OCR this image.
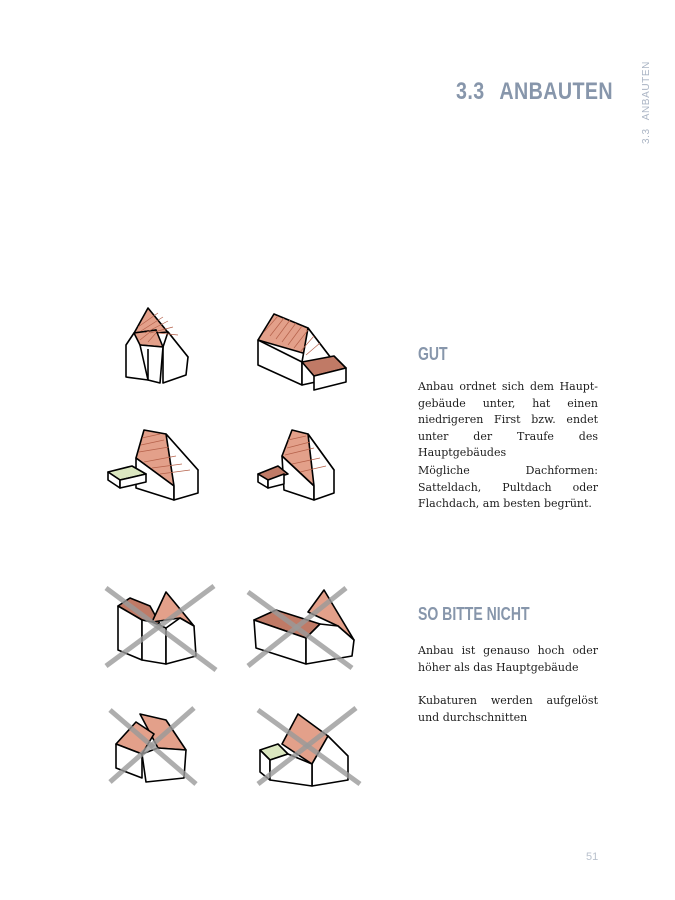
3.3 ANBAUTEN
3.3ANBAUTEN
GUT

Anbau ordnet sich dem Haupt-gebäude unter, hat einen niedrigeren First bzw. endet unter der Traufe des Hauptgebäudes

Mögliche Dachformen: Satteldach, Pultdach oder Flachdach, am besten begrünt.

SO BITTE NICHT

Anbau ist genauso hoch oder höher als das Hauptgebäude

Kubaturen werden aufgelöst und durchschnitten

51
